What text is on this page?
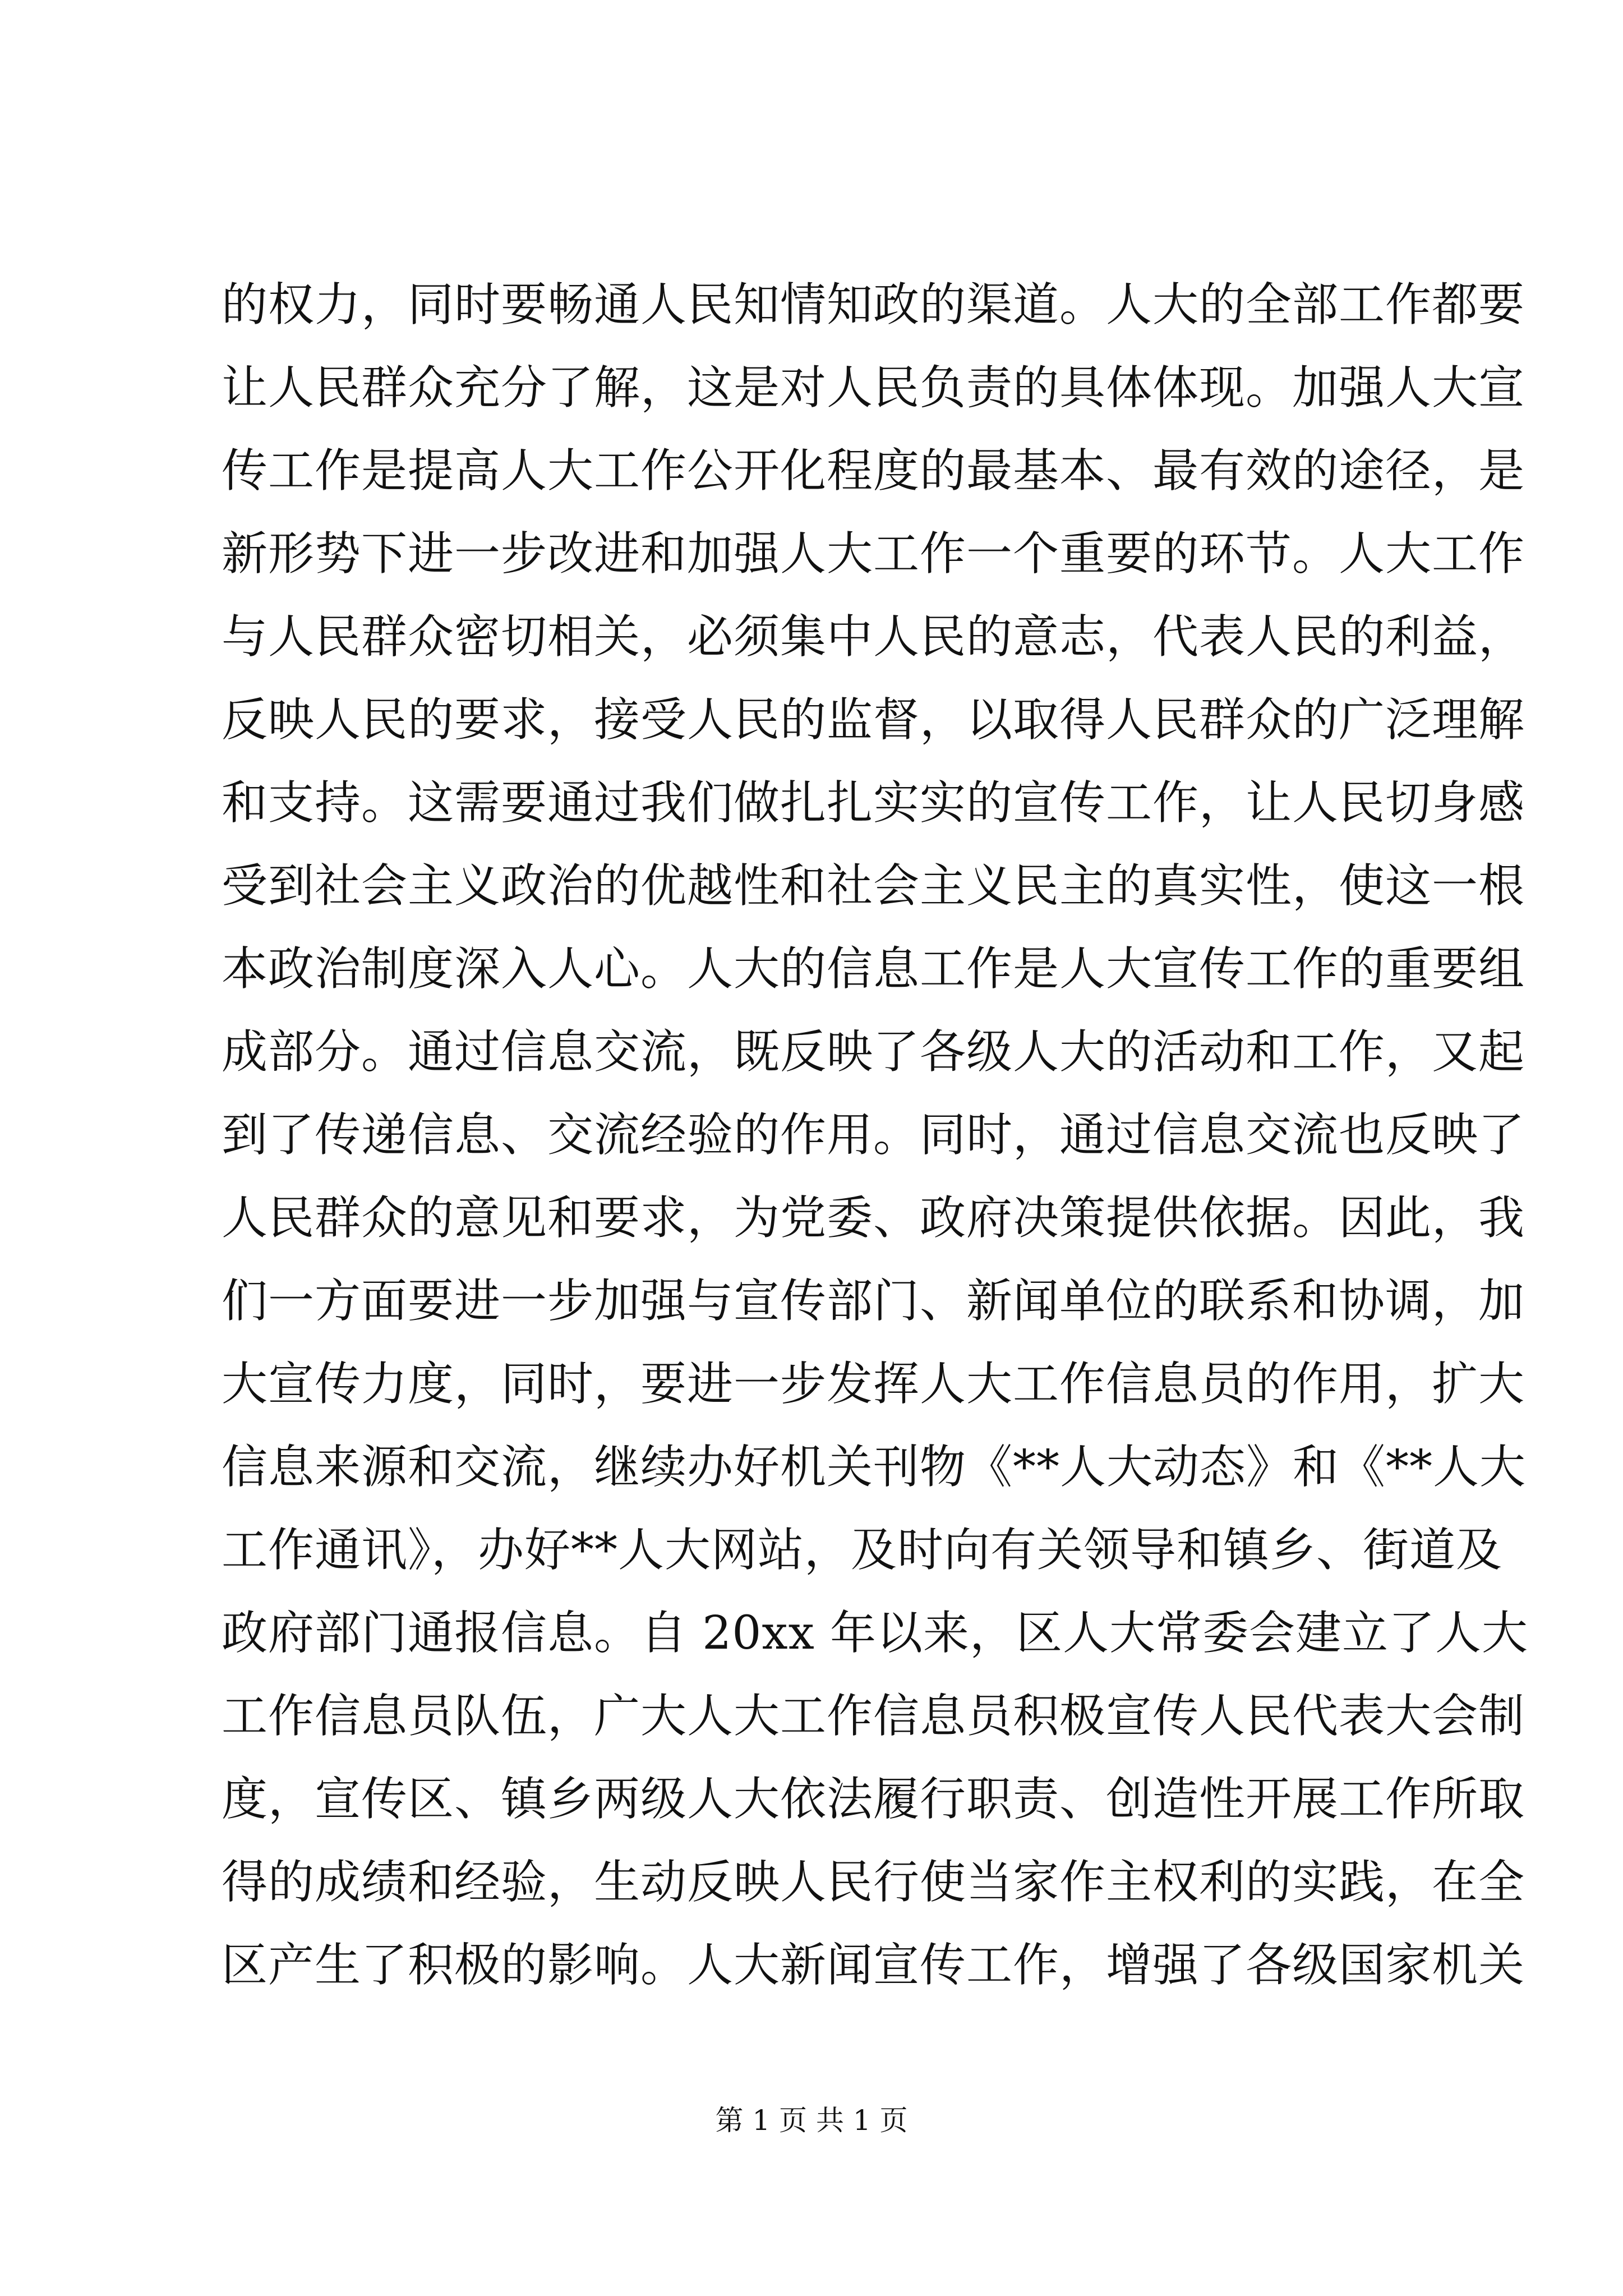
的权力，同时要畅通人民知情知政的渠道。人大的全部工作都要
让人民群众充分了解，这是对人民负责的具体体现。加强人大宣
传工作是提高人大工作公开化程度的最基本、最有效的途径，是
新形势下进一步改进和加强人大工作一个重要的环节。人大工作
与人民群众密切相关，必须集中人民的意志，代表人民的利益，
反映人民的要求，接受人民的监督，以取得人民群众的广泛理解
和支持。这需要通过我们做扎扎实实的宣传工作，让人民切身感
受到社会主义政治的优越性和社会主义民主的真实性，使这一根
本政治制度深入人心。人大的信息工作是人大宣传工作的重要组
成部分。通过信息交流，既反映了各级人大的活动和工作，又起
到了传递信息、交流经验的作用。同时，通过信息交流也反映了
人民群众的意见和要求，为党委、政府决策提供依据。因此，我
们一方面要进一步加强与宣传部门、新闻单位的联系和协调，加
大宣传力度，同时，要进一步发挥人大工作信息员的作用，扩大
信息来源和交流，继续办好机关刊物《**人大动态》和《**人大
工作通讯》，办好**人大网站，及时向有关领导和镇乡、街道及
政府部门通报信息。自 20xx 年以来，区人大常委会建立了人大
工作信息员队伍，广大人大工作信息员积极宣传人民代表大会制
度，宣传区、镇乡两级人大依法履行职责、创造性开展工作所取
得的成绩和经验，生动反映人民行使当家作主权利的实践，在全
区产生了积极的影响。人大新闻宣传工作，增强了各级国家机关
第 1 页 共 1 页
